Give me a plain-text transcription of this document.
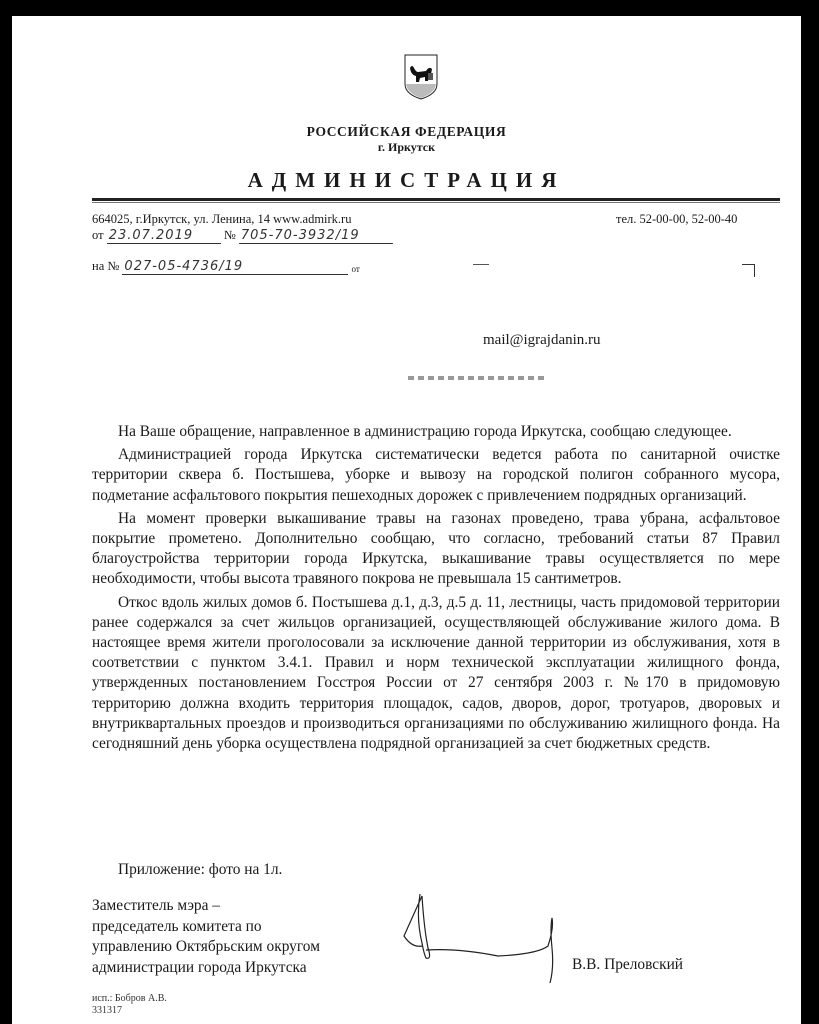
РОССИЙСКАЯ ФЕДЕРАЦИЯ
г. Иркутск
АДМИНИСТРАЦИЯ
664025, г.Иркутск, ул. Ленина, 14 www.admirk.ru	тел. 52-00-00, 52-00-40
от 23.07.2019 № 705-70-3932/19
на № 027-05-4736/19	от
mail@igrajdanin.ru

На Ваше обращение, направленное в администрацию города Иркутска, сообщаю следующее.

Администрацией города Иркутска систематически ведется работа по санитарной очистке территории сквера б. Постышева, уборке и вывозу на городской полигон собранного мусора, подметание асфальтового покрытия пешеходных дорожек с привлечением подрядных организаций.

На момент проверки выкашивание травы на газонах проведено, трава убрана, асфальтовое покрытие прометено. Дополнительно сообщаю, что согласно, требований статьи 87 Правил благоустройства территории города Иркутска, выкашивание травы осуществляется по мере необходимости, чтобы высота травяного покрова не превышала 15 сантиметров.

Откос вдоль жилых домов б. Постышева д.1, д.3, д.5 д. 11, лестницы, часть придомовой территории ранее содержался за счет жильцов организацией, осуществляющей обслуживание жилого дома. В настоящее время жители проголосовали за исключение данной территории из обслуживания, хотя в соответствии с пунктом 3.4.1. Правил и норм технической эксплуатации жилищного фонда, утвержденных постановлением Госстроя России от 27 сентября 2003 г. №170 в придомовую территорию должна входить территория площадок, садов, дворов, дорог, тротуаров, дворовых и внутриквартальных проездов и производиться организациями по обслуживанию жилищного фонда. На сегодняшний день уборка осуществлена подрядной организацией за счет бюджетных средств.

Приложение: фото на 1л.
Заместитель мэра –
председатель комитета по
управлению Октябрьским округом
администрации города Иркутска	В.В. Преловский
исп.: Бобров А.В.
331317
